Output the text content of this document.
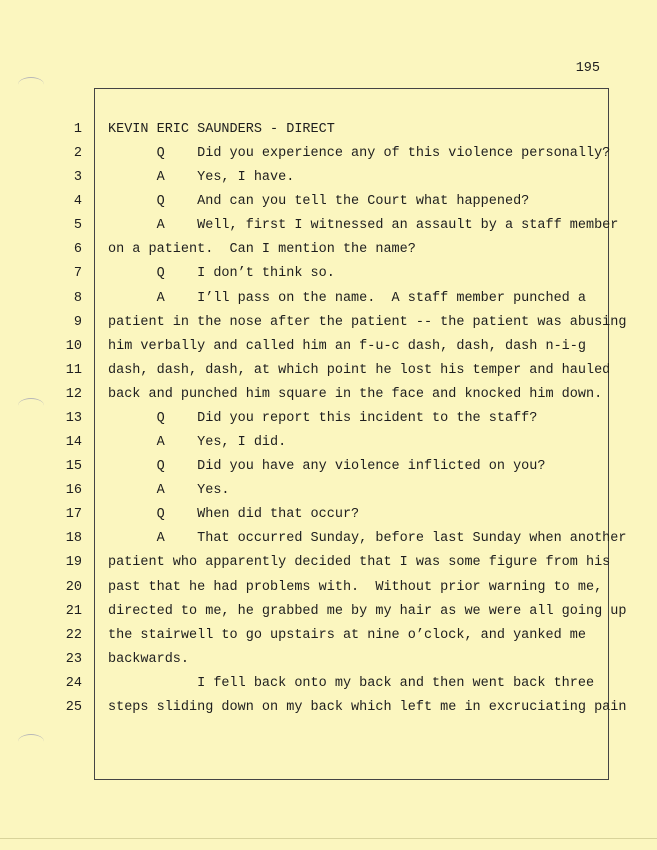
195
1 KEVIN ERIC SAUNDERS - DIRECT
2 Q    Did you experience any of this violence personally?
3 A    Yes, I have.
4 Q    And can you tell the Court what happened?
5 A    Well, first I witnessed an assault by a staff member
6 on a patient.  Can I mention the name?
7 Q    I don’t think so.
8 A    I’ll pass on the name.  A staff member punched a
9 patient in the nose after the patient -- the patient was abusing
10 him verbally and called him an f-u-c dash, dash, dash n-i-g
11 dash, dash, dash, at which point he lost his temper and hauled
12 back and punched him square in the face and knocked him down.
13 Q    Did you report this incident to the staff?
14 A    Yes, I did.
15 Q    Did you have any violence inflicted on you?
16 A    Yes.
17 Q    When did that occur?
18 A    That occurred Sunday, before last Sunday when another
19 patient who apparently decided that I was some figure from his
20 past that he had problems with.  Without prior warning to me,
21 directed to me, he grabbed me by my hair as we were all going up
22 the stairwell to go upstairs at nine o’clock, and yanked me
23 backwards.
24 I fell back onto my back and then went back three
25 steps sliding down on my back which left me in excruciating pain
